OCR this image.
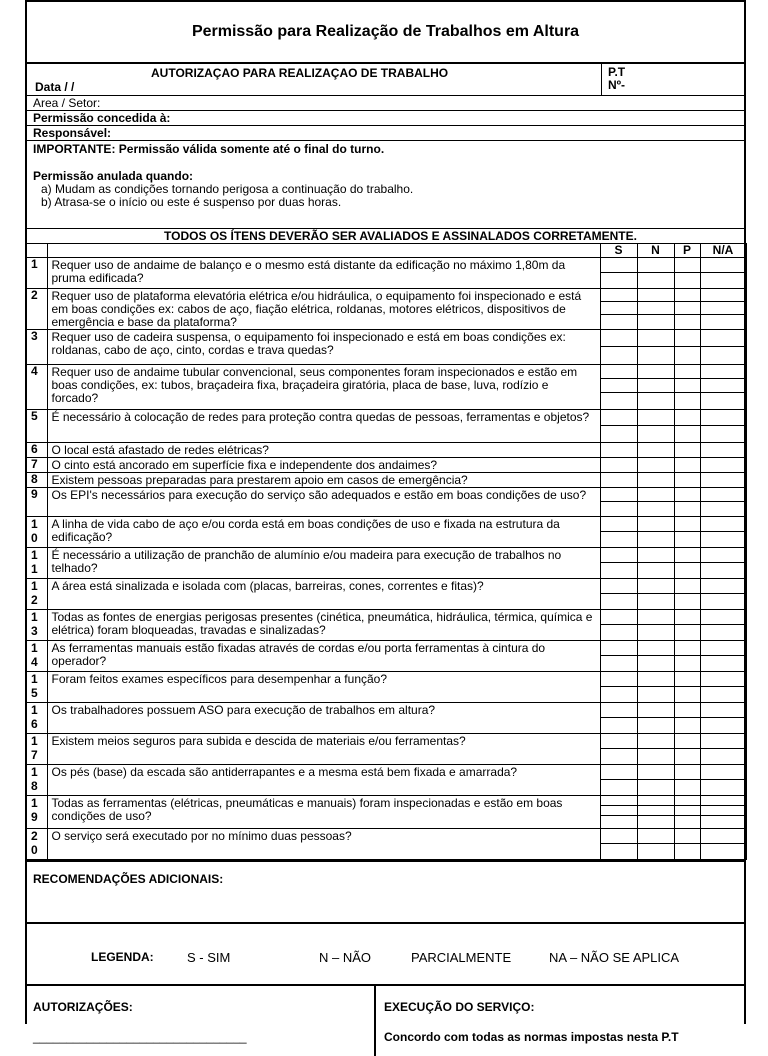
Permissão para Realização de Trabalhos em Altura
AUTORIZAÇAO PARA REALIZAÇAO DE TRABALHO
Data / /
P.T
Nº-
Area / Setor:
Permissão concedida à:
Responsável:
IMPORTANTE: Permissão válida somente até o final do turno.
Permissão anulada quando:
a) Mudam as condições tornando perigosa a continuação do trabalho.
b) Atrasa-se o início ou este é suspenso por duas horas.
TODOS OS ÍTENS DEVERÃO SER AVALIADOS E ASSINALADOS CORRETAMENTE.
		S	N	P	N/A
1	Requer uso de andaime de balanço e o mesmo está distante da edificação no máximo 1,80m da pruma edificada?	

2	Requer uso de plataforma elevatória elétrica e/ou hidráulica, o equipamento foi inspecionado e está em boas condições ex: cabos de aço, fiação elétrica, roldanas, motores elétricos, dispositivos de emergência e base da plataforma?	

3	Requer uso de cadeira suspensa, o equipamento foi inspecionado e está em boas condições ex: roldanas, cabo de aço, cinto, cordas e trava quedas?	

4	Requer uso de andaime tubular convencional, seus componentes foram inspecionados e estão em boas condições, ex: tubos, braçadeira fixa, braçadeira giratória, placa de base, luva, rodízio e forcado?	

5	É necessário à colocação de redes para proteção contra quedas de pessoas, ferramentas e objetos?	

6	O local está afastado de redes elétricas?	

7	O cinto está ancorado em superfície fixa e independente dos andaimes?	

8	Existem pessoas preparadas para prestarem apoio em casos de emergência?	

9	Os EPI's necessários para execução do serviço são adequados e estão em boas condições de uso?	

10	A linha de vida cabo de aço e/ou corda está em boas condições de uso e fixada na estrutura da edificação?	

11	É necessário a utilização de pranchão de alumínio e/ou madeira para execução de trabalhos no telhado?	

12	A área está sinalizada e isolada com (placas, barreiras, cones, correntes e fitas)?	

13	Todas as fontes de energias perigosas presentes (cinética, pneumática, hidráulica, térmica, química e elétrica) foram bloqueadas, travadas e sinalizadas?	

14	As ferramentas manuais estão fixadas através de cordas e/ou porta ferramentas à cintura do operador?	

15	Foram feitos exames específicos para desempenhar a função?	

16	Os trabalhadores possuem ASO para execução de trabalhos em altura?	

17	Existem meios seguros para subida e descida de materiais e/ou ferramentas?	

18	Os pés (base) da escada são antiderrapantes e a mesma está bem fixada e amarrada?	

19	Todas as ferramentas (elétricas, pneumáticas e manuais) foram inspecionadas e estão em boas condições de uso?	

20	O serviço será executado por no mínimo duas pessoas?	

RECOMENDAÇÕES ADICIONAIS:
LEGENDA:	S - SIM	N – NÃO	PARCIALMENTE	NA – NÃO SE APLICA
AUTORIZAÇÕES:
________________________________
EXECUÇÃO DO SERVIÇO:
Concordo com todas as normas impostas nesta P.T
